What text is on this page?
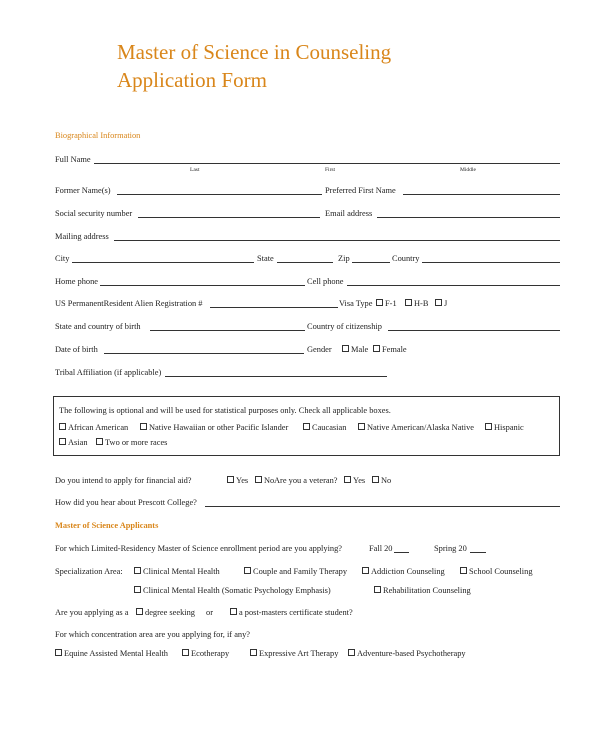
Master of Science in Counseling
Application Form
Biographical Information
Full Name
Last	First	Middle
Former Name(s)	Preferred First Name
Social security number	Email address
Mailing address
City	State	Zip	Country
Home phone	Cell phone
US PermanentResident Alien Registration #	Visa Type	F-1	H-B	J
State and country of birth	Country of citizenship
Date of birth	Gender	Male	Female
Tribal Affiliation (if applicable)
The following is optional and will be used for statistical purposes only. Check all applicable boxes.
African American	Native Hawaiian or other Pacific Islander	Caucasian	Native American/Alaska Native	Hispanic
Asian	Two or more races
Do you intend to apply for financial aid?	Yes	No Are you a veteran?	Yes	No
How did you hear about Prescott College?
Master of Science Applicants
For which Limited-Residency Master of Science enrollment period are you applying?	Fall 20	Spring 20
Specialization Area:	Clinical Mental Health	Couple and Family Therapy	Addiction Counseling	School Counseling
Clinical Mental Health (Somatic Psychology Emphasis)	Rehabilitation Counseling
Are you applying as a	degree seeking or	a post-masters certificate student?
For which concentration area are you applying for, if any?
Equine Assisted Mental Health	Ecotherapy	Expressive Art Therapy	Adventure-based Psychotherapy
